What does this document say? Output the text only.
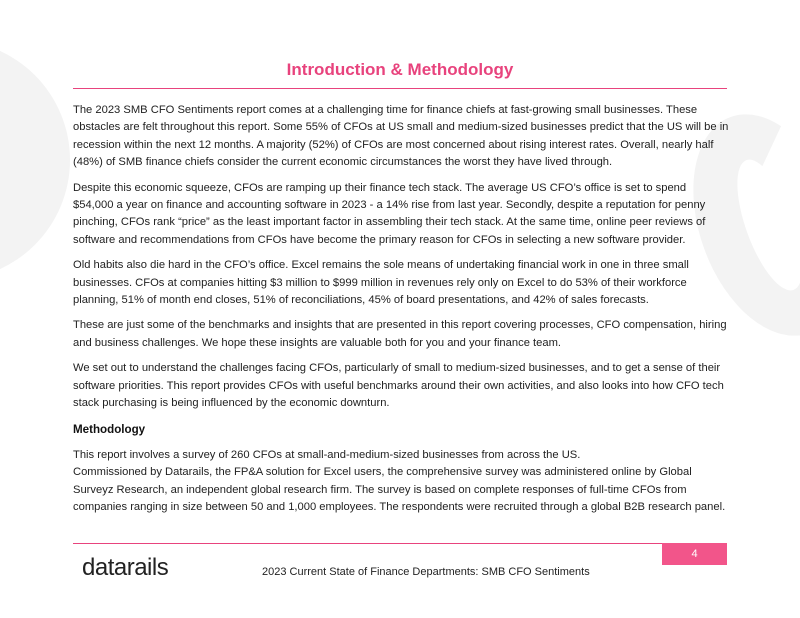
Introduction & Methodology

The 2023 SMB CFO Sentiments report comes at a challenging time for finance chiefs at fast-growing small businesses. These obstacles are felt throughout this report. Some 55% of CFOs at US small and medium-sized businesses predict that the US will be in recession within the next 12 months. A majority (52%) of CFOs are most concerned about rising interest rates. Overall, nearly half (48%) of SMB finance chiefs consider the current economic circumstances the worst they have lived through.

Despite this economic squeeze, CFOs are ramping up their finance tech stack. The average US CFO’s office is set to spend $54,000 a year on finance and accounting software in 2023 - a 14% rise from last year. Secondly, despite a reputation for penny pinching, CFOs rank “price” as the least important factor in assembling their tech stack. At the same time, online peer reviews of software and recommendations from CFOs have become the primary reason for CFOs in selecting a new software provider.

Old habits also die hard in the CFO’s office. Excel remains the sole means of undertaking financial work in one in three small businesses. CFOs at companies hitting $3 million to $999 million in revenues rely only on Excel to do 53% of their workforce planning, 51% of month end closes, 51% of reconciliations, 45% of board presentations, and 42% of sales forecasts.

These are just some of the benchmarks and insights that are presented in this report covering processes, CFO compensation, hiring and business challenges. We hope these insights are valuable both for you and your finance team.

We set out to understand the challenges facing CFOs, particularly of small to medium-sized businesses, and to get a sense of their software priorities. This report provides CFOs with useful benchmarks around their own activities, and also looks into how CFO tech stack purchasing is being influenced by the economic downturn.

Methodology

This report involves a survey of 260 CFOs at small-and-medium-sized businesses from across the US.

Commissioned by Datarails, the FP&A solution for Excel users, the comprehensive survey was administered online by Global Surveyz Research, an independent global research firm. The survey is based on complete responses of full-time CFOs from companies ranging in size between 50 and 1,000 employees. The respondents were recruited through a global B2B research panel.

4
datarails	2023 Current State of Finance Departments: SMB CFO Sentiments
